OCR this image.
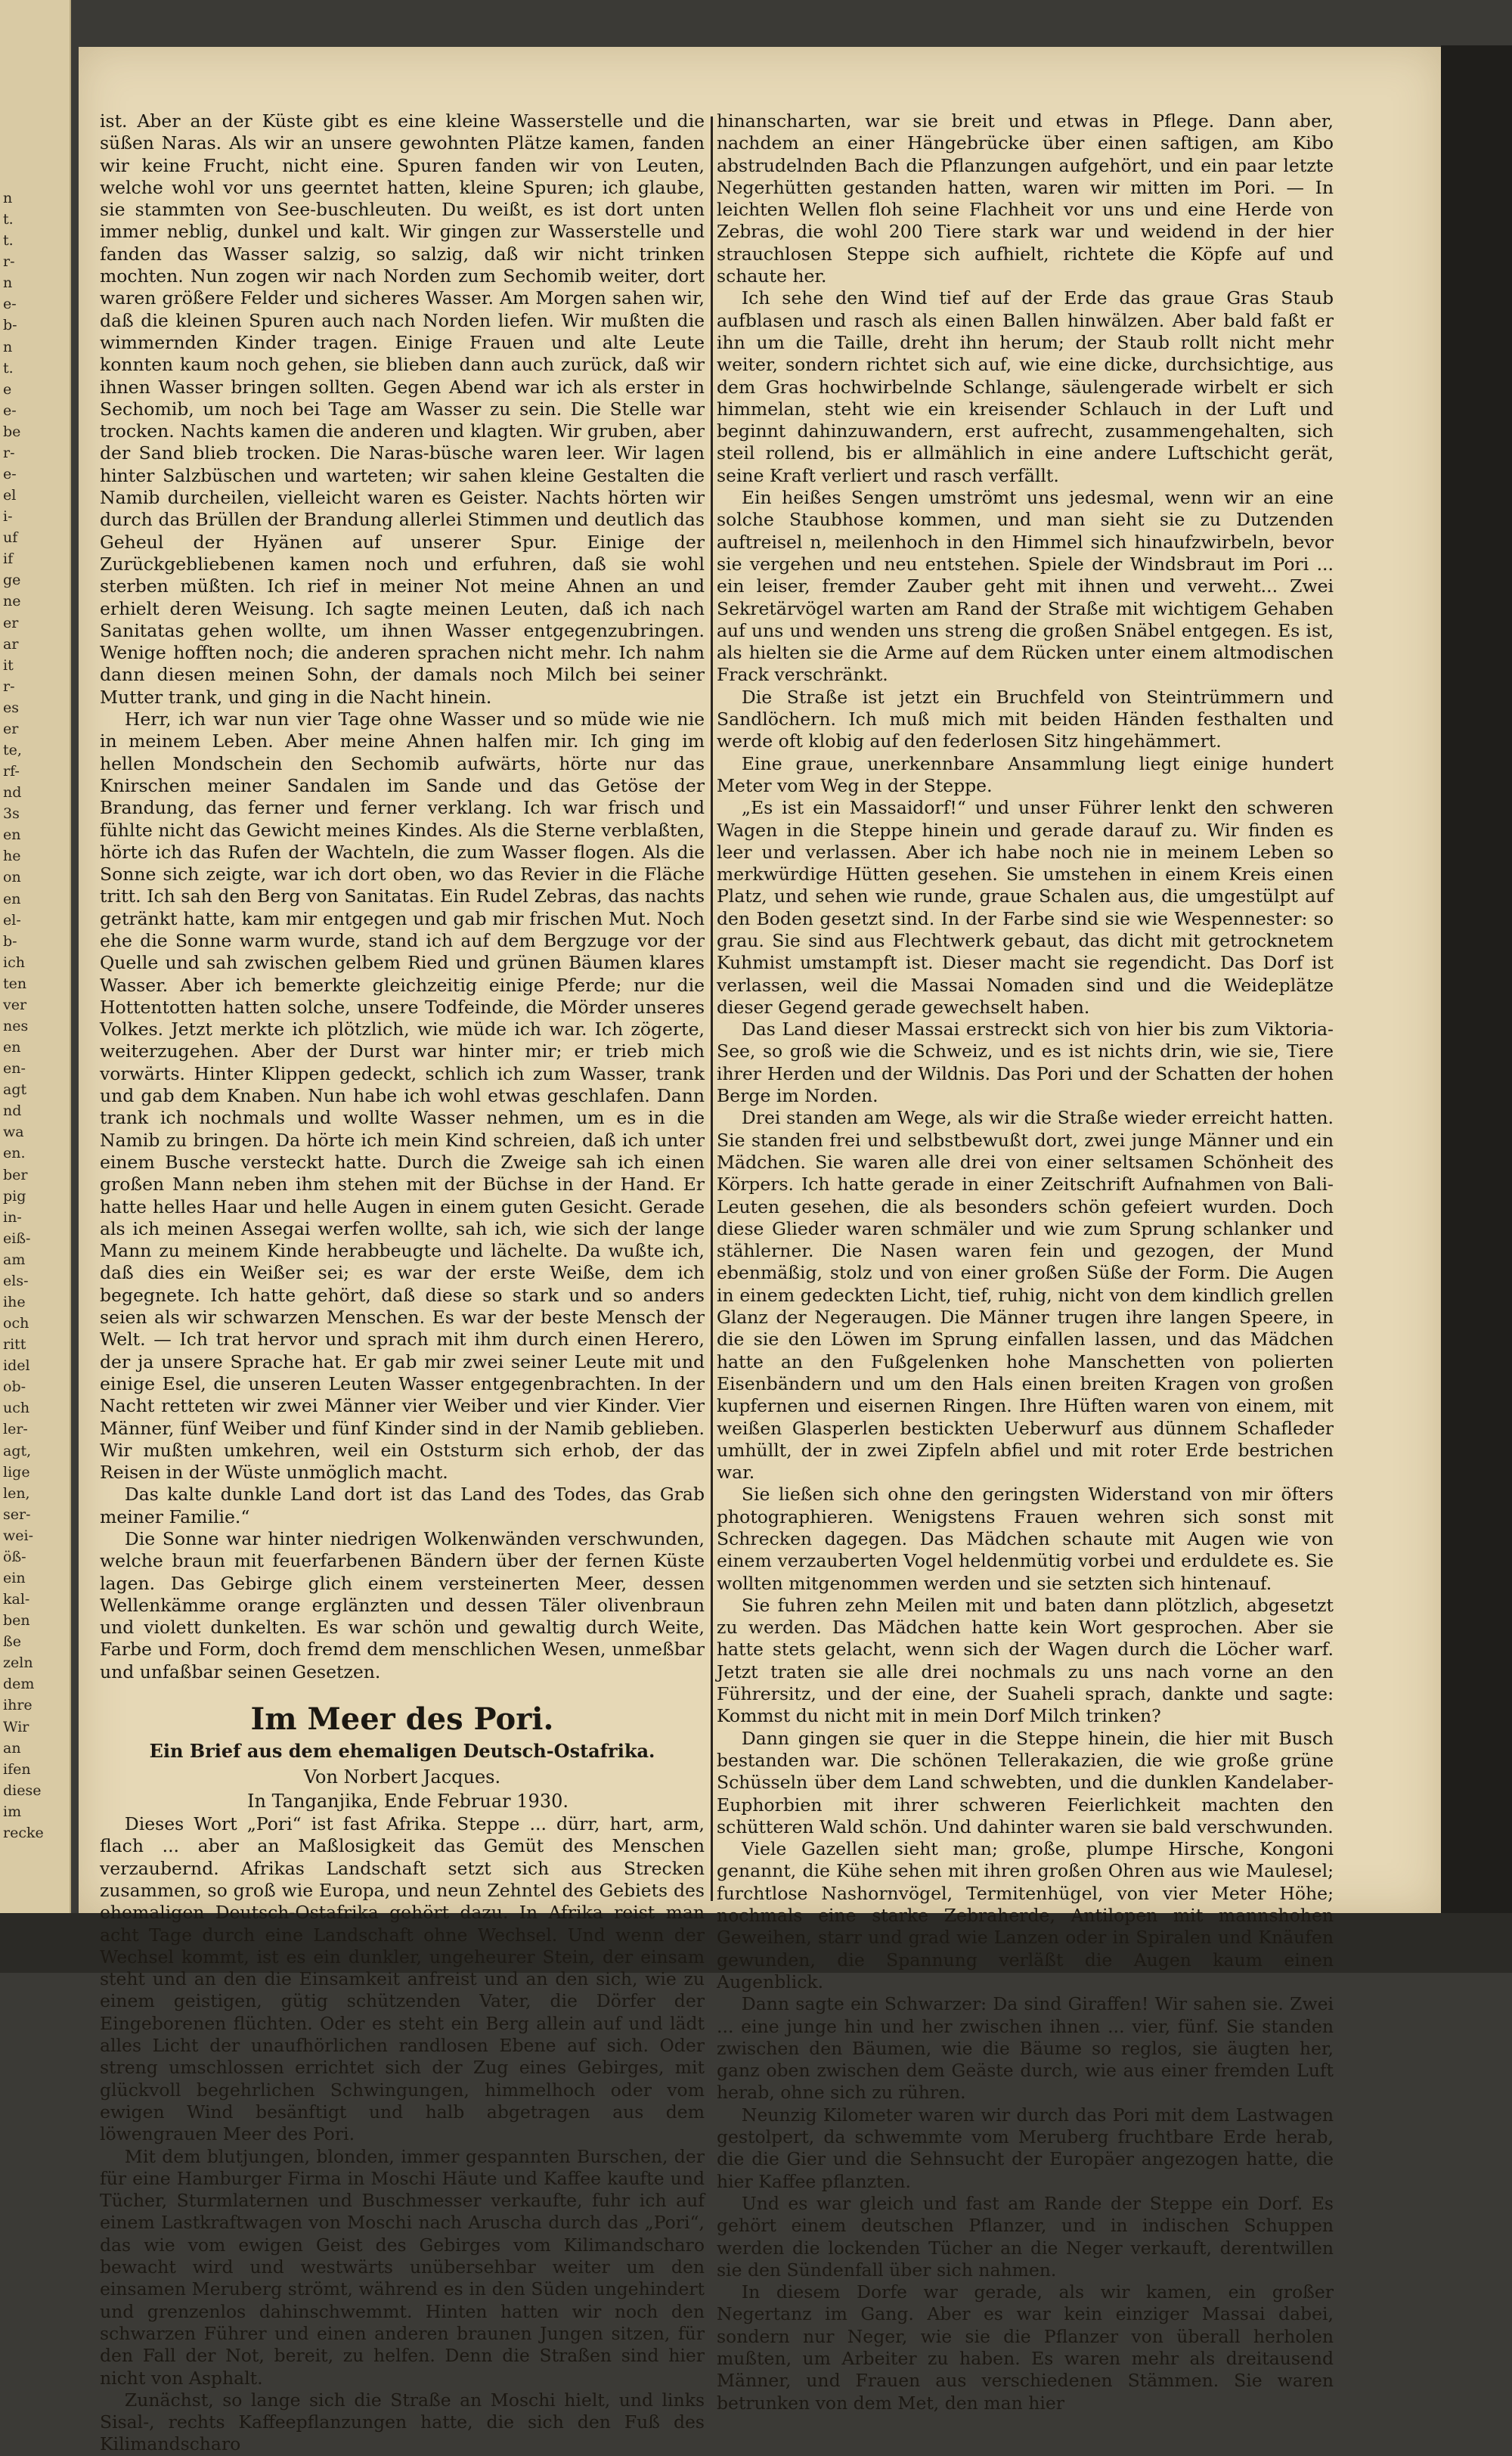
n
t.
t.
r-
n
e-
b-
n
t.
e
e-
be
r-
e-
el
i-
uf
if
ge
ne
er
ar
it
r-
es
er
te,
rf-
nd
3s
en
he
on
en
el-
b-
ich
ten
ver
nes
en
en-
agt
nd
wa
en.
ber
pig
in-
eiß-
am
els-
ihe
och
ritt
idel
ob-
uch
ler-
agt,
lige
len,
ser-
wei-
öß-
ein
kal-
ben
ße
zeln
dem
ihre
Wir
an
ifen
diese
im
recke

ist. Aber an der Küste gibt es eine kleine Wasserstelle und die süßen Naras. Als wir an unsere gewohnten Plätze kamen, fanden wir keine Frucht, nicht eine. Spuren fanden wir von Leuten, welche wohl vor uns geerntet hatten, kleine Spuren; ich glaube, sie stammten von See-buschleuten. Du weißt, es ist dort unten immer neblig, dunkel und kalt. Wir gingen zur Wasserstelle und fanden das Wasser salzig, so salzig, daß wir nicht trinken mochten. Nun zogen wir nach Norden zum Sechomib weiter, dort waren größere Felder und sicheres Wasser. Am Morgen sahen wir, daß die kleinen Spuren auch nach Norden liefen. Wir mußten die wimmernden Kinder tragen. Einige Frauen und alte Leute konnten kaum noch gehen, sie blieben dann auch zurück, daß wir ihnen Wasser bringen sollten. Gegen Abend war ich als erster in Sechomib, um noch bei Tage am Wasser zu sein. Die Stelle war trocken. Nachts kamen die anderen und klagten. Wir gruben, aber der Sand blieb trocken. Die Naras-büsche waren leer. Wir lagen hinter Salzbüschen und warteten; wir sahen kleine Gestalten die Namib durcheilen, vielleicht waren es Geister. Nachts hörten wir durch das Brüllen der Brandung allerlei Stimmen und deutlich das Geheul der Hyänen auf unserer Spur. Einige der Zurückgebliebenen kamen noch und erfuhren, daß sie wohl sterben müßten. Ich rief in meiner Not meine Ahnen an und erhielt deren Weisung. Ich sagte meinen Leuten, daß ich nach Sanitatas gehen wollte, um ihnen Wasser entgegenzubringen. Wenige hofften noch; die anderen sprachen nicht mehr. Ich nahm dann diesen meinen Sohn, der damals noch Milch bei seiner Mutter trank, und ging in die Nacht hinein.

Herr, ich war nun vier Tage ohne Wasser und so müde wie nie in meinem Leben. Aber meine Ahnen halfen mir. Ich ging im hellen Mondschein den Sechomib aufwärts, hörte nur das Knirschen meiner Sandalen im Sande und das Getöse der Brandung, das ferner und ferner verklang. Ich war frisch und fühlte nicht das Gewicht meines Kindes. Als die Sterne verblaßten, hörte ich das Rufen der Wachteln, die zum Wasser flogen. Als die Sonne sich zeigte, war ich dort oben, wo das Revier in die Fläche tritt. Ich sah den Berg von Sanitatas. Ein Rudel Zebras, das nachts getränkt hatte, kam mir entgegen und gab mir frischen Mut. Noch ehe die Sonne warm wurde, stand ich auf dem Bergzuge vor der Quelle und sah zwischen gelbem Ried und grünen Bäumen klares Wasser. Aber ich bemerkte gleichzeitig einige Pferde; nur die Hottentotten hatten solche, unsere Todfeinde, die Mörder unseres Volkes. Jetzt merkte ich plötzlich, wie müde ich war. Ich zögerte, weiterzugehen. Aber der Durst war hinter mir; er trieb mich vorwärts. Hinter Klippen gedeckt, schlich ich zum Wasser, trank und gab dem Knaben. Nun habe ich wohl etwas geschlafen. Dann trank ich nochmals und wollte Wasser nehmen, um es in die Namib zu bringen. Da hörte ich mein Kind schreien, daß ich unter einem Busche versteckt hatte. Durch die Zweige sah ich einen großen Mann neben ihm stehen mit der Büchse in der Hand. Er hatte helles Haar und helle Augen in einem guten Gesicht. Gerade als ich meinen Assegai werfen wollte, sah ich, wie sich der lange Mann zu meinem Kinde herabbeugte und lächelte. Da wußte ich, daß dies ein Weißer sei; es war der erste Weiße, dem ich begegnete. Ich hatte gehört, daß diese so stark und so anders seien als wir schwarzen Menschen. Es war der beste Mensch der Welt. — Ich trat hervor und sprach mit ihm durch einen Herero, der ja unsere Sprache hat. Er gab mir zwei seiner Leute mit und einige Esel, die unseren Leuten Wasser entgegenbrachten. In der Nacht retteten wir zwei Männer vier Weiber und vier Kinder. Vier Männer, fünf Weiber und fünf Kinder sind in der Namib geblieben. Wir mußten umkehren, weil ein Oststurm sich erhob, der das Reisen in der Wüste unmöglich macht.

Das kalte dunkle Land dort ist das Land des Todes, das Grab meiner Familie.“

Die Sonne war hinter niedrigen Wolkenwänden verschwunden, welche braun mit feuerfarbenen Bändern über der fernen Küste lagen. Das Gebirge glich einem versteinerten Meer, dessen Wellenkämme orange erglänzten und dessen Täler olivenbraun und violett dunkelten. Es war schön und gewaltig durch Weite, Farbe und Form, doch fremd dem menschlichen Wesen, unmeßbar und unfaßbar seinen Gesetzen.

Im Meer des Pori.
Ein Brief aus dem ehemaligen Deutsch-Ostafrika.
Von Norbert Jacques.
In Tanganjika, Ende Februar 1930.

Dieses Wort „Pori“ ist fast Afrika. Steppe ... dürr, hart, arm, flach ... aber an Maßlosigkeit das Gemüt des Menschen verzaubernd. Afrikas Landschaft setzt sich aus Strecken zusammen, so groß wie Europa, und neun Zehntel des Gebiets des ehemaligen Deutsch-Ostafrika gehört dazu. In Afrika reist man acht Tage durch eine Landschaft ohne Wechsel. Und wenn der Wechsel kommt, ist es ein dunkler, ungeheurer Stein, der einsam steht und an den die Einsamkeit anfreist und an den sich, wie zu einem geistigen, gütig schützenden Vater, die Dörfer der Eingeborenen flüchten. Oder es steht ein Berg allein auf und lädt alles Licht der unaufhörlichen randlosen Ebene auf sich. Oder streng umschlossen errichtet sich der Zug eines Gebirges, mit glückvoll begehrlichen Schwingungen, himmelhoch oder vom ewigen Wind besänftigt und halb abgetragen aus dem löwengrauen Meer des Pori.

Mit dem blutjungen, blonden, immer gespannten Burschen, der für eine Hamburger Firma in Moschi Häute und Kaffee kaufte und Tücher, Sturmlaternen und Buschmesser verkaufte, fuhr ich auf einem Lastkraftwagen von Moschi nach Aruscha durch das „Pori“, das wie vom ewigen Geist des Gebirges vom Kilimandscharo bewacht wird und westwärts unübersehbar weiter um den einsamen Meruberg strömt, während es in den Süden ungehindert und grenzenlos dahinschwemmt. Hinten hatten wir noch den schwarzen Führer und einen anderen braunen Jungen sitzen, für den Fall der Not, bereit, zu helfen. Denn die Straßen sind hier nicht von Asphalt.

Zunächst, so lange sich die Straße an Moschi hielt, und links Sisal-, rechts Kaffeepflanzungen hatte, die sich den Fuß des Kilimandscharo

hinanscharten, war sie breit und etwas in Pflege. Dann aber, nachdem an einer Hängebrücke über einen saftigen, am Kibo abstrudelnden Bach die Pflanzungen aufgehört, und ein paar letzte Negerhütten gestanden hatten, waren wir mitten im Pori. — In leichten Wellen floh seine Flachheit vor uns und eine Herde von Zebras, die wohl 200 Tiere stark war und weidend in der hier strauchlosen Steppe sich aufhielt, richtete die Köpfe auf und schaute her.

Ich sehe den Wind tief auf der Erde das graue Gras Staub aufblasen und rasch als einen Ballen hinwälzen. Aber bald faßt er ihn um die Taille, dreht ihn herum; der Staub rollt nicht mehr weiter, sondern richtet sich auf, wie eine dicke, durchsichtige, aus dem Gras hochwirbelnde Schlange, säulengerade wirbelt er sich himmelan, steht wie ein kreisender Schlauch in der Luft und beginnt dahinzuwandern, erst aufrecht, zusammengehalten, sich steil rollend, bis er allmählich in eine andere Luftschicht gerät, seine Kraft verliert und rasch verfällt.

Ein heißes Sengen umströmt uns jedesmal, wenn wir an eine solche Staubhose kommen, und man sieht sie zu Dutzenden auftreisel n, meilenhoch in den Himmel sich hinaufzwirbeln, bevor sie vergehen und neu entstehen. Spiele der Windsbraut im Pori ... ein leiser, fremder Zauber geht mit ihnen und verweht... Zwei Sekretärvögel warten am Rand der Straße mit wichtigem Gehaben auf uns und wenden uns streng die großen Snäbel entgegen. Es ist, als hielten sie die Arme auf dem Rücken unter einem altmodischen Frack verschränkt.

Die Straße ist jetzt ein Bruchfeld von Steintrümmern und Sandlöchern. Ich muß mich mit beiden Händen festhalten und werde oft klobig auf den federlosen Sitz hingehämmert.

Eine graue, unerkennbare Ansammlung liegt einige hundert Meter vom Weg in der Steppe.

„Es ist ein Massaidorf!“ und unser Führer lenkt den schweren Wagen in die Steppe hinein und gerade darauf zu. Wir finden es leer und verlassen. Aber ich habe noch nie in meinem Leben so merkwürdige Hütten gesehen. Sie umstehen in einem Kreis einen Platz, und sehen wie runde, graue Schalen aus, die umgestülpt auf den Boden gesetzt sind. In der Farbe sind sie wie Wespennester: so grau. Sie sind aus Flechtwerk gebaut, das dicht mit getrocknetem Kuhmist umstampft ist. Dieser macht sie regendicht. Das Dorf ist verlassen, weil die Massai Nomaden sind und die Weideplätze dieser Gegend gerade gewechselt haben.

Das Land dieser Massai erstreckt sich von hier bis zum Viktoria-See, so groß wie die Schweiz, und es ist nichts drin, wie sie, Tiere ihrer Herden und der Wildnis. Das Pori und der Schatten der hohen Berge im Norden.

Drei standen am Wege, als wir die Straße wieder erreicht hatten. Sie standen frei und selbstbewußt dort, zwei junge Männer und ein Mädchen. Sie waren alle drei von einer seltsamen Schönheit des Körpers. Ich hatte gerade in einer Zeitschrift Aufnahmen von Bali-Leuten gesehen, die als besonders schön gefeiert wurden. Doch diese Glieder waren schmäler und wie zum Sprung schlanker und stählerner. Die Nasen waren fein und gezogen, der Mund ebenmäßig, stolz und von einer großen Süße der Form. Die Augen in einem gedeckten Licht, tief, ruhig, nicht von dem kindlich grellen Glanz der Negeraugen. Die Männer trugen ihre langen Speere, in die sie den Löwen im Sprung einfallen lassen, und das Mädchen hatte an den Fußgelenken hohe Manschetten von polierten Eisenbändern und um den Hals einen breiten Kragen von großen kupfernen und eisernen Ringen. Ihre Hüften waren von einem, mit weißen Glasperlen bestickten Ueberwurf aus dünnem Schafleder umhüllt, der in zwei Zipfeln abfiel und mit roter Erde bestrichen war.

Sie ließen sich ohne den geringsten Widerstand von mir öfters photographieren. Wenigstens Frauen wehren sich sonst mit Schrecken dagegen. Das Mädchen schaute mit Augen wie von einem verzauberten Vogel heldenmütig vorbei und erduldete es. Sie wollten mitgenommen werden und sie setzten sich hintenauf.

Sie fuhren zehn Meilen mit und baten dann plötzlich, abgesetzt zu werden. Das Mädchen hatte kein Wort gesprochen. Aber sie hatte stets gelacht, wenn sich der Wagen durch die Löcher warf. Jetzt traten sie alle drei nochmals zu uns nach vorne an den Führersitz, und der eine, der Suaheli sprach, dankte und sagte: Kommst du nicht mit in mein Dorf Milch trinken?

Dann gingen sie quer in die Steppe hinein, die hier mit Busch bestanden war. Die schönen Tellerakazien, die wie große grüne Schüsseln über dem Land schwebten, und die dunklen Kandelaber-Euphorbien mit ihrer schweren Feierlichkeit machten den schütteren Wald schön. Und dahinter waren sie bald verschwunden.

Viele Gazellen sieht man; große, plumpe Hirsche, Kongoni genannt, die Kühe sehen mit ihren großen Ohren aus wie Maulesel; furchtlose Nashornvögel, Termitenhügel, von vier Meter Höhe; nochmals eine starke Zebraherde, Antilopen mit mannshohen Geweihen, starr und grad wie Lanzen oder in Spiralen und Knäufen gewunden, die Spannung verläßt die Augen kaum einen Augenblick.

Dann sagte ein Schwarzer: Da sind Giraffen! Wir sahen sie. Zwei ... eine junge hin und her zwischen ihnen ... vier, fünf. Sie standen zwischen den Bäumen, wie die Bäume so reglos, sie äugten her, ganz oben zwischen dem Geäste durch, wie aus einer fremden Luft herab, ohne sich zu rühren.

Neunzig Kilometer waren wir durch das Pori mit dem Lastwagen gestolpert, da schwemmte vom Meruberg fruchtbare Erde herab, die die Gier und die Sehnsucht der Europäer angezogen hatte, die hier Kaffee pflanzten.

Und es war gleich und fast am Rande der Steppe ein Dorf. Es gehört einem deutschen Pflanzer, und in indischen Schuppen werden die lockenden Tücher an die Neger verkauft, derentwillen sie den Sündenfall über sich nahmen.

In diesem Dorfe war gerade, als wir kamen, ein großer Negertanz im Gang. Aber es war kein einziger Massai dabei, sondern nur Neger, wie sie die Pflanzer von überall herholen mußten, um Arbeiter zu haben. Es waren mehr als dreitausend Männer, und Frauen aus verschiedenen Stämmen. Sie waren betrunken von dem Met, den man hier
